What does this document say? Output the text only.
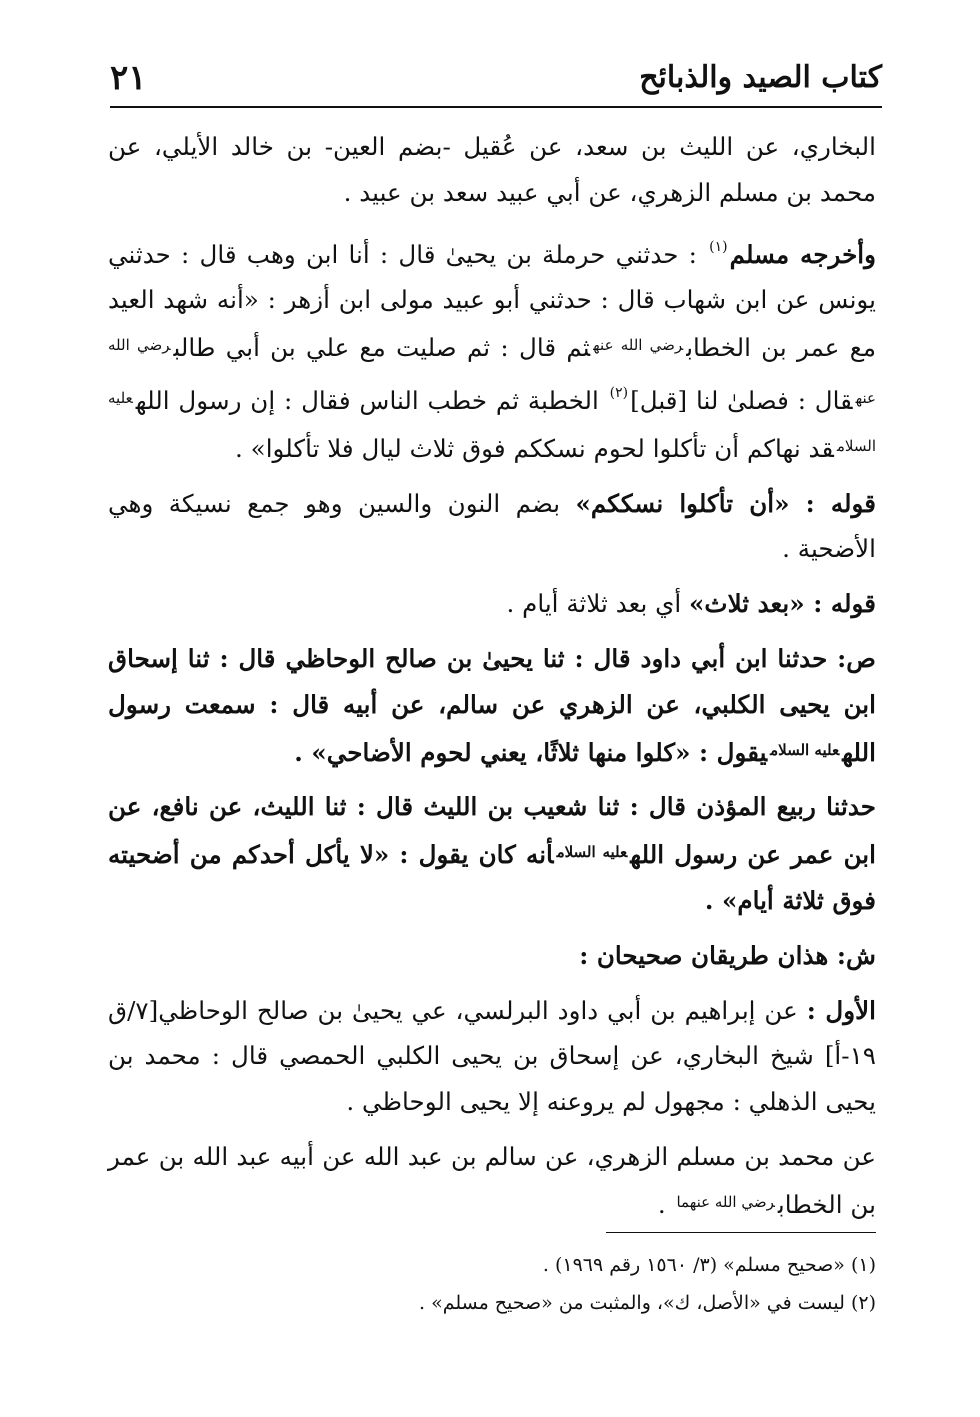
كتاب الصيد والذبائح
٢١

البخاري، عن الليث بن سعد، عن عُقيل -بضم العين- بن خالد الأيلي، عن محمد بن مسلم الزهري، عن أبي عبيد سعد بن عبيد .

وأخرجه مسلم$^{(١)}$ : حدثني حرملة بن يحيىٰ قال : أنا ابن وهب قال : حدثني يونس عن ابن شهاب قال : حدثني أبو عبيد مولى ابن أزهر : «أنه شهد العيد مع عمر بن الخطاب$^{رضي الله عنه}$ثم قال : ثم صليت مع علي بن أبي طالب$^{رضي الله عنه}$قال : فصلىٰ لنا [قبل]$^{(٢)}$ الخطبة ثم خطب الناس فقال : إن رسول الله$^{عليه السلام}$قد نهاكم أن تأكلوا لحوم نسككم فوق ثلاث ليال فلا تأكلوا» .

قوله : «أن تأكلوا نسككم» بضم النون والسين وهو جمع نسيكة وهي الأضحية .

قوله : «بعد ثلاث» أي بعد ثلاثة أيام .

ص: حدثنا ابن أبي داود قال : ثنا يحيىٰ بن صالح الوحاظي قال : ثنا إسحاق ابن يحيى الكلبي، عن الزهري عن سالم، عن أبيه قال : سمعت رسول الله$^{عليه السلام}$يقول : «كلوا منها ثلاثًا، يعني لحوم الأضاحي» .

حدثنا ربيع المؤذن قال : ثنا شعيب بن الليث قال : ثنا الليث، عن نافع، عن ابن عمر عن رسول الله$^{عليه السلام}$أنه كان يقول : «لا يأكل أحدكم من أضحيته فوق ثلاثة أيام» .

ش: هذان طريقان صحيحان :

الأول : عن إبراهيم بن أبي داود البرلسي، عي يحيىٰ بن صالح الوحاظي[٧/ق ١٩-أ] شيخ البخاري، عن إسحاق بن يحيى الكلبي الحمصي قال : محمد بن يحيى الذهلي : مجهول لم يروعنه إلا يحيى الوحاظي .

عن محمد بن مسلم الزهري، عن سالم بن عبد الله عن أبيه عبد الله بن عمر بن الخطاب$^{رضي الله عنهما}$ .

(١) «صحيح مسلم» (٣/ ١٥٦٠ رقم ١٩٦٩) .

(٢) ليست في «الأصل، ك»، والمثبت من «صحيح مسلم» .
